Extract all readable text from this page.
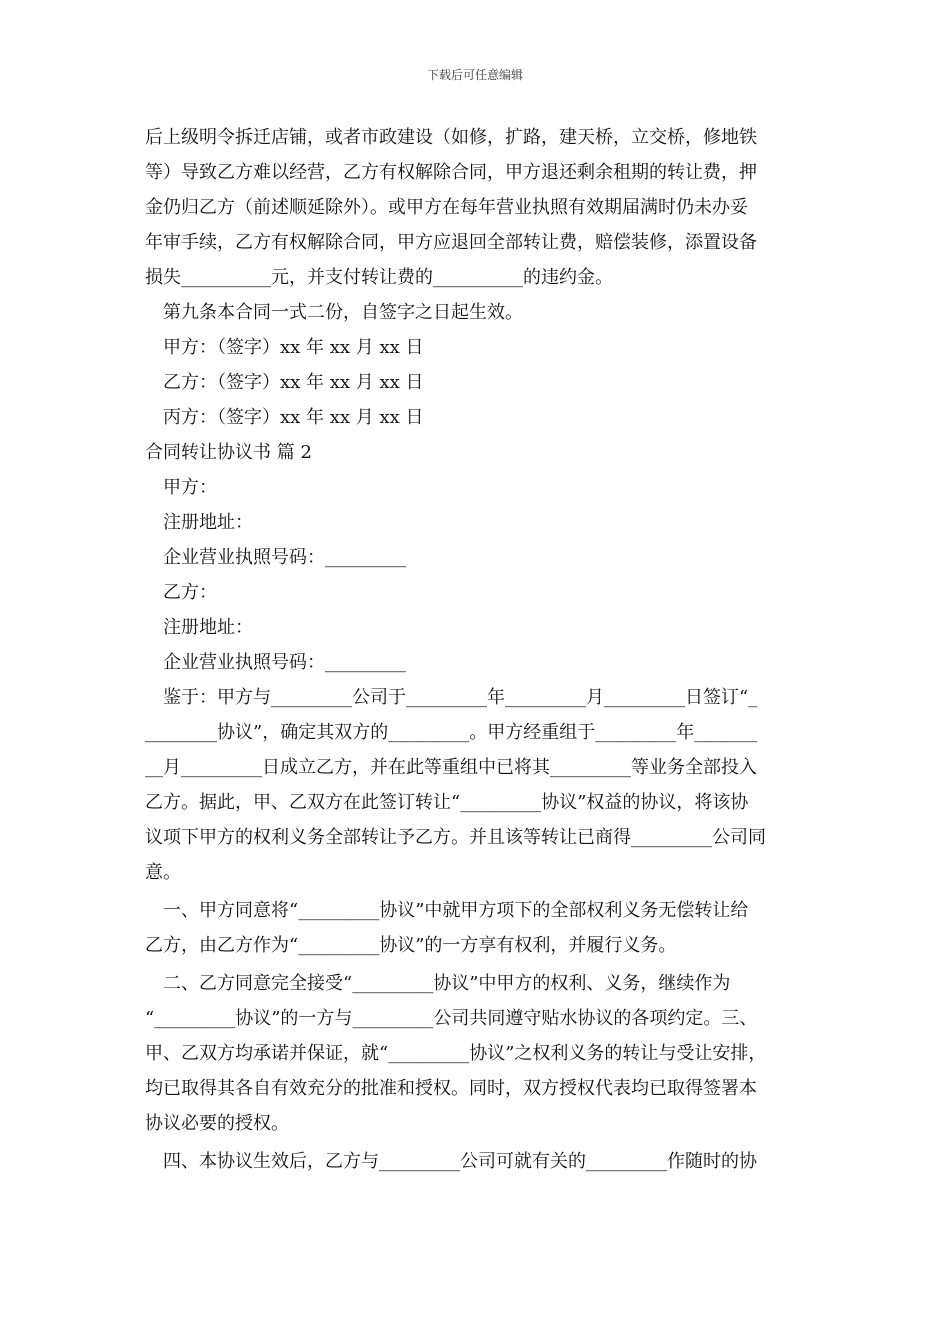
下载后可任意编辑
后上级明令拆迁店铺，或者市政建设（如修，扩路，建天桥，立交桥，修地铁
等）导致乙方难以经营，乙方有权解除合同，甲方退还剩余租期的转让费，押
金仍归乙方（前述顺延除外）。或甲方在每年营业执照有效期届满时仍未办妥
年审手续，乙方有权解除合同，甲方应退回全部转让费，赔偿装修，添置设备
损失__________元，并支付转让费的__________的违约金。
第九条本合同一式二份，自签字之日起生效。
甲方：（签字）xx 年 xx 月 xx 日
乙方：（签字）xx 年 xx 月 xx 日
丙方：（签字）xx 年 xx 月 xx 日
合同转让协议书 篇 2
甲方：
注册地址：
企业营业执照号码：_________
乙方：
注册地址：
企业营业执照号码：_________
鉴于：甲方与_________公司于_________年_________月_________日签订“_
________协议”，确定其双方的_________。甲方经重组于_________年_______
__月_________日成立乙方，并在此等重组中已将其_________等业务全部投入
乙方。据此，甲、乙双方在此签订转让“_________协议”权益的协议，将该协
议项下甲方的权利义务全部转让予乙方。并且该等转让已商得_________公司同
意。
一、甲方同意将“_________协议”中就甲方项下的全部权利义务无偿转让给
乙方，由乙方作为“_________协议”的一方享有权利，并履行义务。
二、乙方同意完全接受“_________协议”中甲方的权利、义务，继续作为
“_________协议”的一方与_________公司共同遵守贴水协议的各项约定。三、
甲、乙双方均承诺并保证，就“_________协议”之权利义务的转让与受让安排，
均已取得其各自有效充分的批准和授权。同时，双方授权代表均已取得签署本
协议必要的授权。
四、本协议生效后，乙方与_________公司可就有关的_________作随时的协
